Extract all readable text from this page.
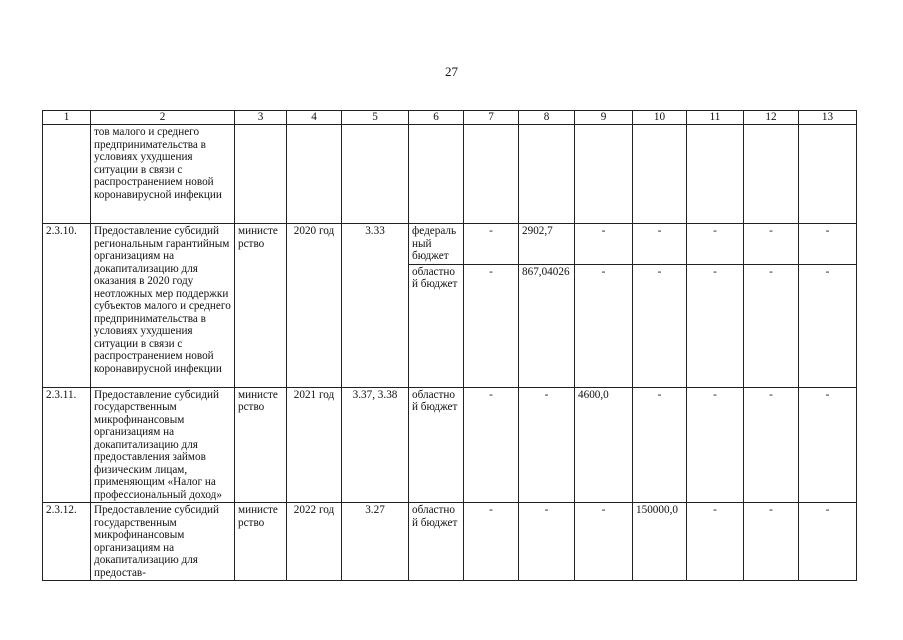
27
1	2	3	4	5	6	7	8	9	10	11	12	13
	тов малого и среднего предпринимательства в условиях ухудшения ситуации в связи с распространением новой коронавирусной инфекции											
2.3.10.	Предоставление субсидий региональным гарантийным организациям на докапитализацию для оказания в 2020 году неотложных мер поддержки субъектов малого и среднего предпринимательства в условиях ухудшения ситуации в связи с распространением новой коронавирусной инфекции	министерство	2020 год	3.33	федеральный бюджет	-	2902,7	-	-	-	-	-
					областной бюджет	-	867,04026	-	-	-	-	-
2.3.11.	Предоставление субсидий государственным микрофинансовым организациям на докапитализацию для предоставления займов физическим лицам, применяющим «Налог на профессиональный доход»	министерство	2021 год	3.37, 3.38	областной бюджет	-	-	4600,0	-	-	-	-
2.3.12.	Предоставление субсидий государственным микрофинансовым организациям на докапитализацию для предостав-	министерство	2022 год	3.27	областной бюджет	-	-	-	150000,0	-	-	-
